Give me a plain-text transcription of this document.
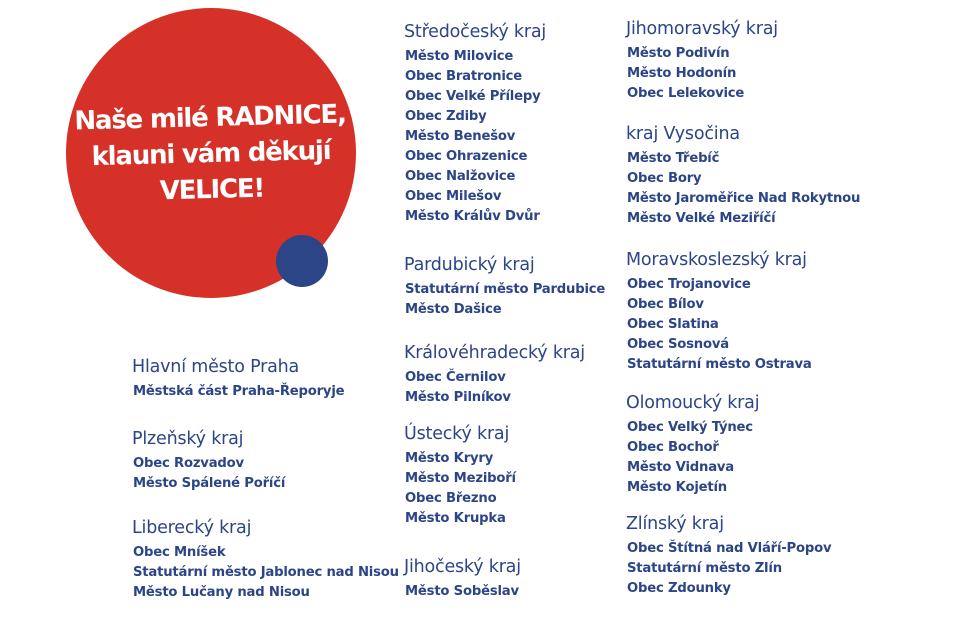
Naše milé RADNICE,
klauni vám děkují
VELICE!
Hlavní město Praha
Městská část Praha-Řeporyje
Plzeňský kraj
Obec Rozvadov
Město Spálené Poříčí
Liberecký kraj
Obec Mníšek
Statutární město Jablonec nad Nisou
Město Lučany nad Nisou
Středočeský kraj
Město Milovice
Obec Bratronice
Obec Velké Přílepy
Obec Zdiby
Město Benešov
Obec Ohrazenice
Obec Nalžovice
Obec Milešov
Město Králův Dvůr
Pardubický kraj
Statutární město Pardubice
Město Dašice
Královéhradecký kraj
Obec Černilov
Město Pilníkov
Ústecký kraj
Město Kryry
Město Meziboří
Obec Březno
Město Krupka
Jihočeský kraj
Město Soběslav
Jihomoravský kraj
Město Podivín
Město Hodonín
Obec Lelekovice
kraj Vysočina
Město Třebíč
Obec Bory
Město Jaroměřice Nad Rokytnou
Město Velké Meziříčí
Moravskoslezský kraj
Obec Trojanovice
Obec Bílov
Obec Slatina
Obec Sosnová
Statutární město Ostrava
Olomoucký kraj
Obec Velký Týnec
Obec Bochoř
Město Vidnava
Město Kojetín
Zlínský kraj
Obec Štítná nad Vláří-Popov
Statutární město Zlín
Obec Zdounky
